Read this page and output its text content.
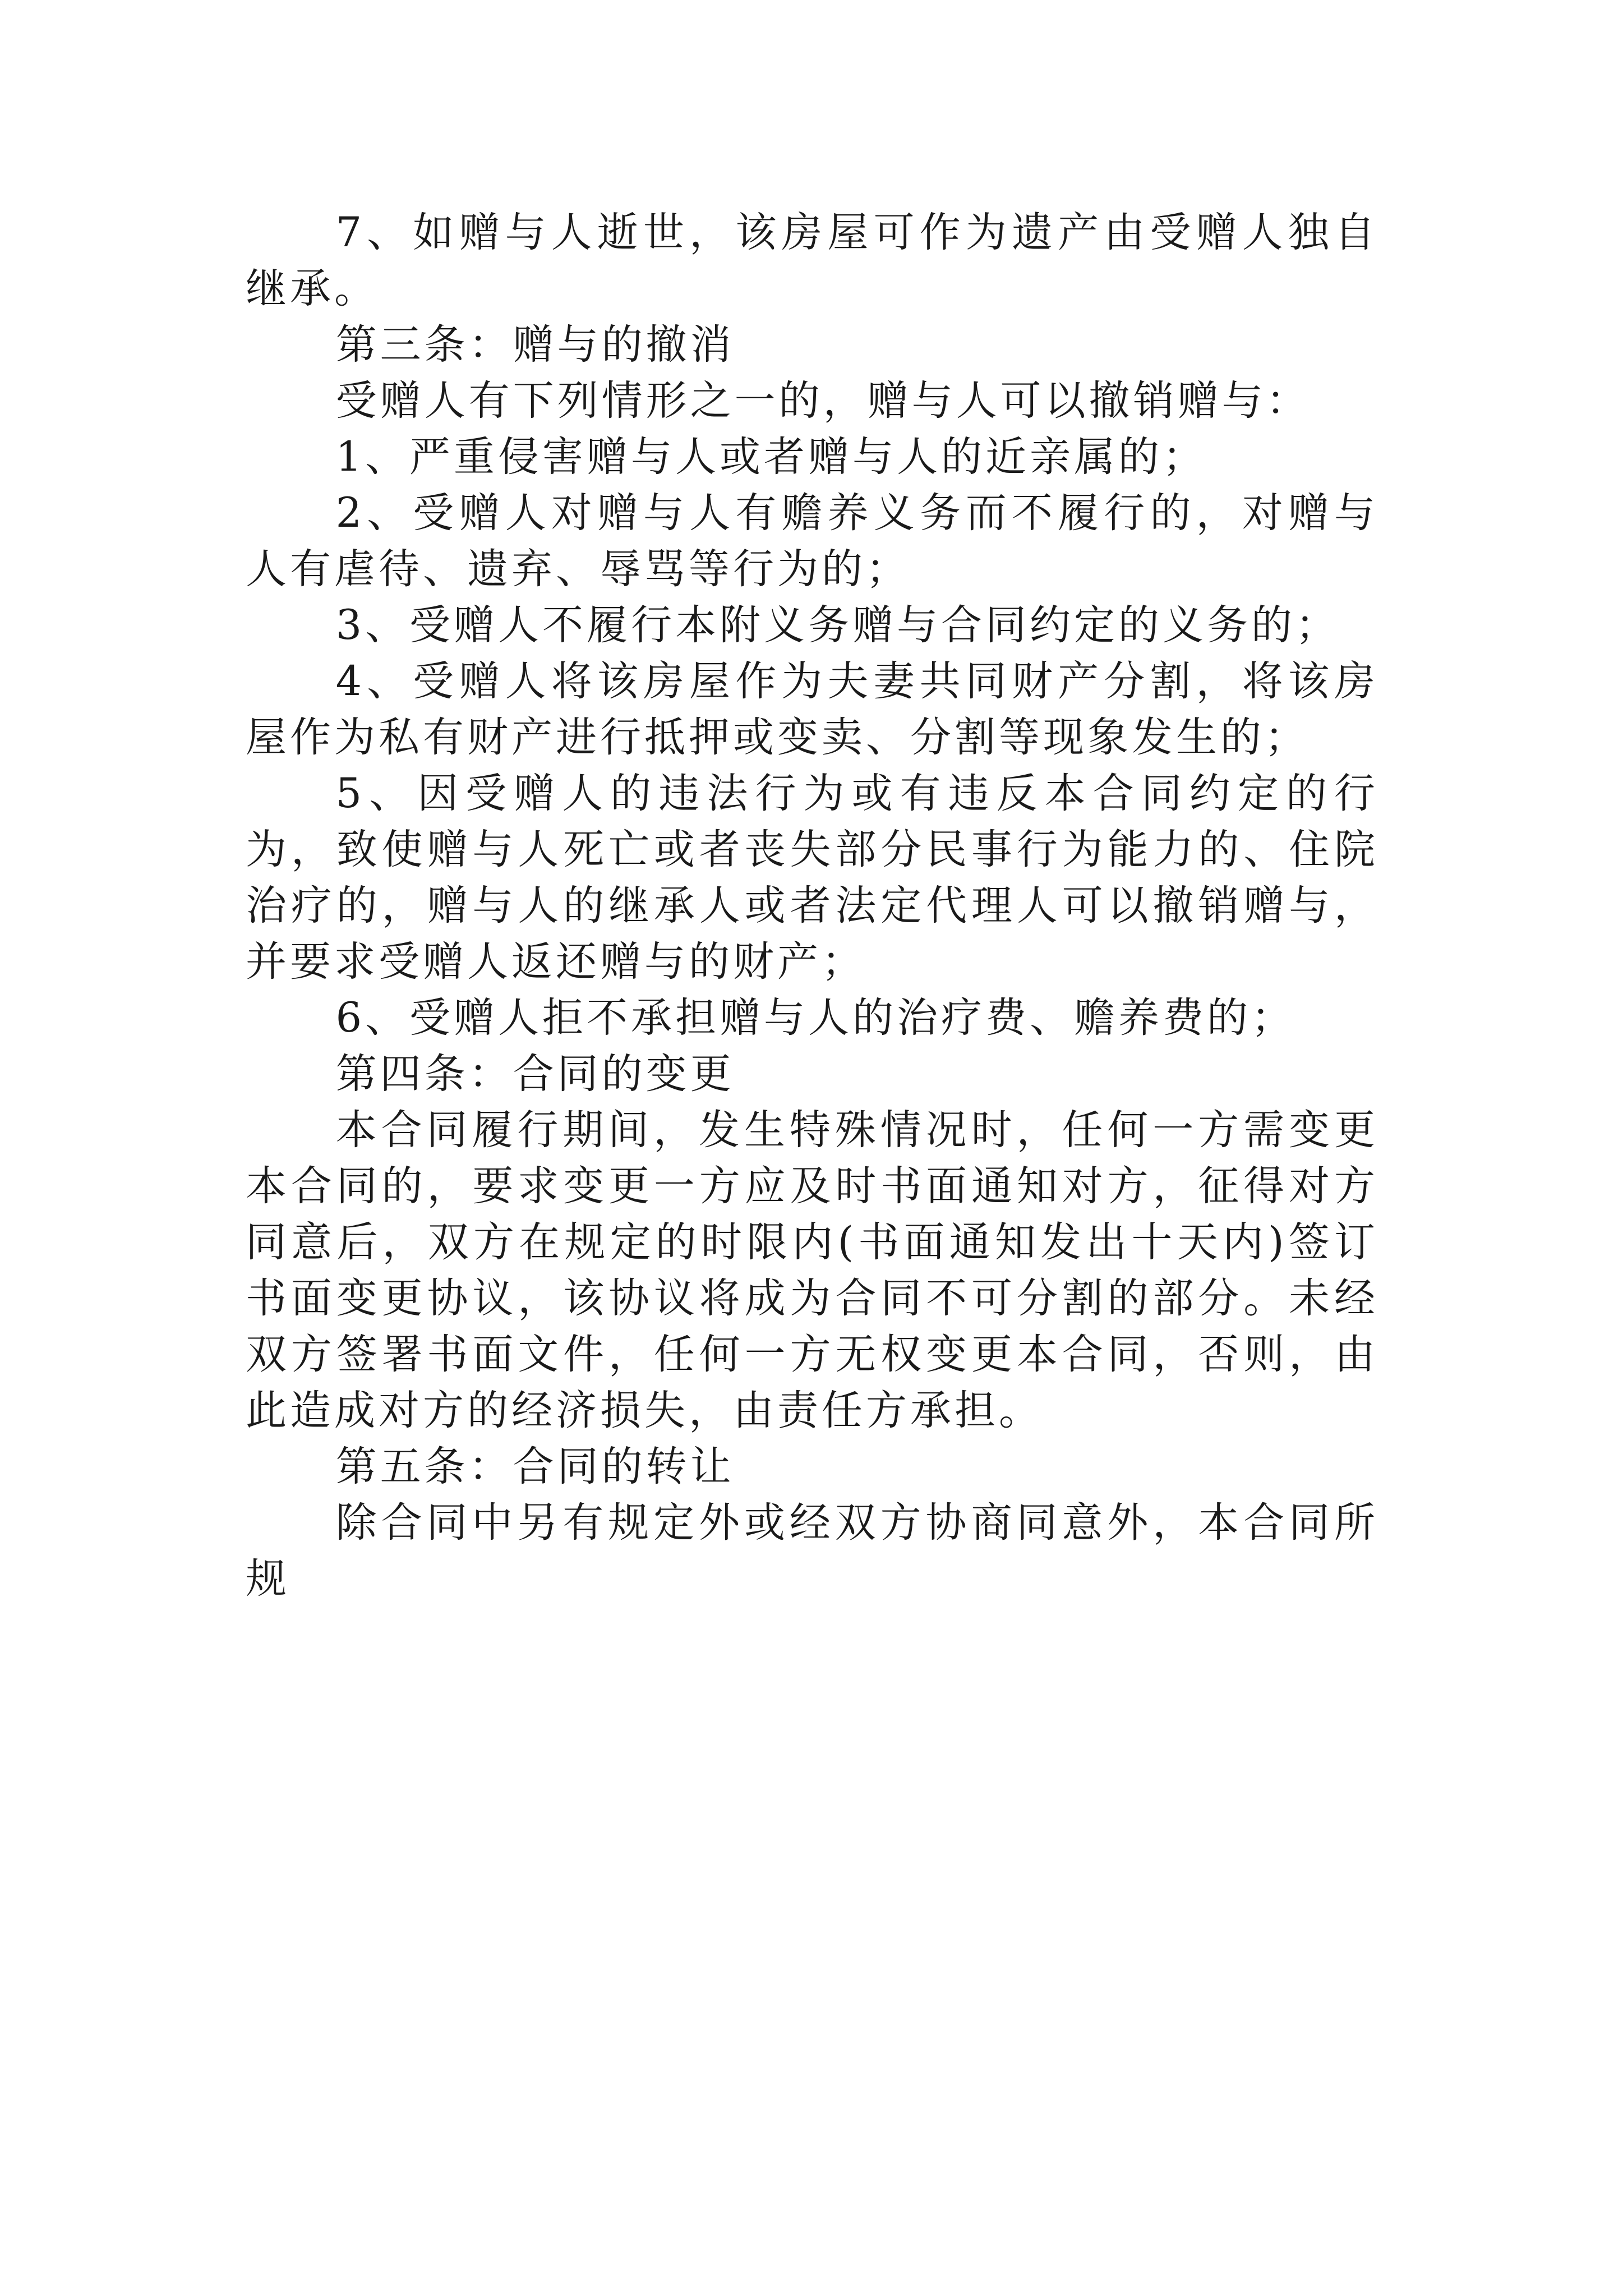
7、如赠与人逝世，该房屋可作为遗产由受赠人独自继承。

第三条：赠与的撤消

受赠人有下列情形之一的，赠与人可以撤销赠与：

1、严重侵害赠与人或者赠与人的近亲属的；

2、受赠人对赠与人有赡养义务而不履行的，对赠与人有虐待、遗弃、辱骂等行为的；

3、受赠人不履行本附义务赠与合同约定的义务的；

4、受赠人将该房屋作为夫妻共同财产分割，将该房屋作为私有财产进行抵押或变卖、分割等现象发生的；

5、因受赠人的违法行为或有违反本合同约定的行为，致使赠与人死亡或者丧失部分民事行为能力的、住院治疗的，赠与人的继承人或者法定代理人可以撤销赠与，并要求受赠人返还赠与的财产；

6、受赠人拒不承担赠与人的治疗费、赡养费的；

第四条：合同的变更

本合同履行期间，发生特殊情况时，任何一方需变更本合同的，要求变更一方应及时书面通知对方，征得对方同意后，双方在规定的时限内(书面通知发出十天内)签订书面变更协议，该协议将成为合同不可分割的部分。未经双方签署书面文件，任何一方无权变更本合同，否则，由此造成对方的经济损失，由责任方承担。

第五条：合同的转让

除合同中另有规定外或经双方协商同意外，本合同所规
